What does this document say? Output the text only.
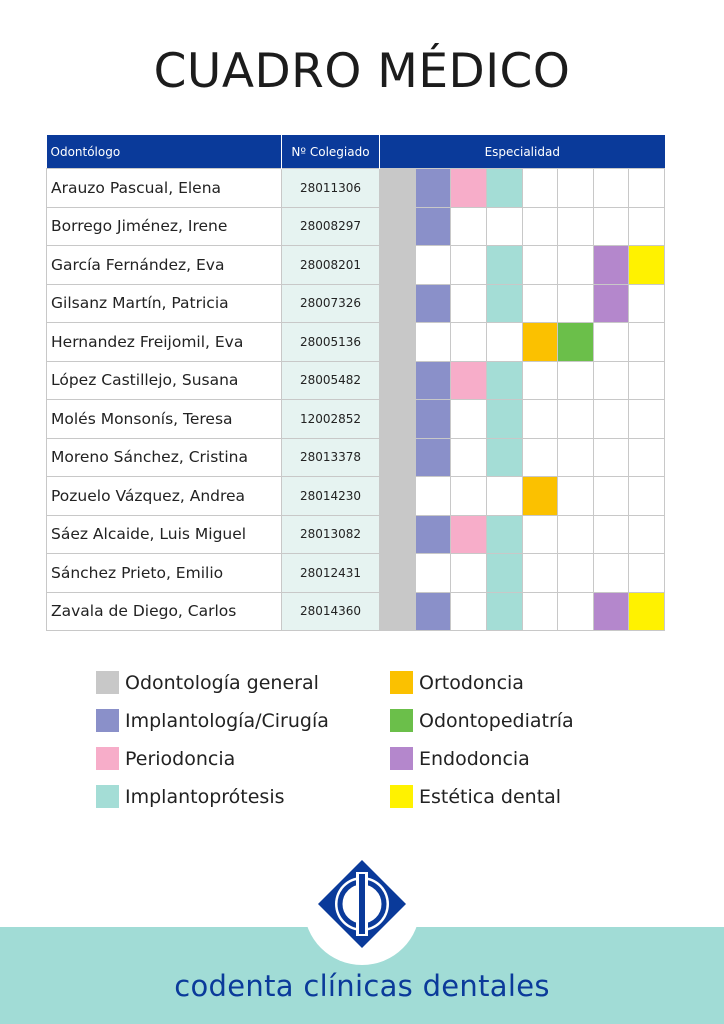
CUADRO MÉDICO
Odontólogo	Nº Colegiado	Especialidad							
Arauzo Pascual, Elena	28011306								
Borrego Jiménez, Irene	28008297								
García Fernández, Eva	28008201								
Gilsanz Martín, Patricia	28007326								
Hernandez Freijomil, Eva	28005136								
López Castillejo, Susana	28005482								
Molés Monsonís, Teresa	12002852								
Moreno Sánchez, Cristina	28013378								
Pozuelo Vázquez, Andrea	28014230								
Sáez Alcaide, Luis Miguel	28013082								
Sánchez Prieto, Emilio	28012431								
Zavala de Diego, Carlos	28014360								
Odontología general	Ortodoncia
Implantología/Cirugía	Odontopediatría
Periodoncia	Endodoncia
Implantoprótesis	Estética dental
codenta clínicas dentales
